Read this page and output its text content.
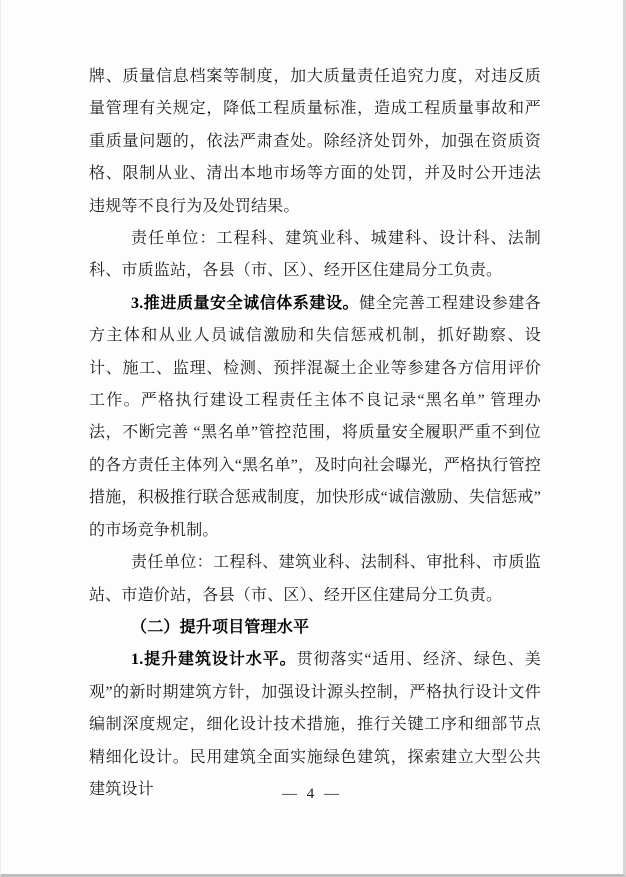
牌、质量信息档案等制度，加大质量责任追究力度，对违反质量管理有关规定，降低工程质量标准，造成工程质量事故和严重质量问题的，依法严肃查处。除经济处罚外，加强在资质资格、限制从业、清出本地市场等方面的处罚，并及时公开违法违规等不良行为及处罚结果。

责任单位：工程科、建筑业科、城建科、设计科、法制科、市质监站，各县（市、区）、经开区住建局分工负责。

3.推进质量安全诚信体系建设。健全完善工程建设参建各方主体和从业人员诚信激励和失信惩戒机制，抓好勘察、设计、施工、监理、检测、预拌混凝土企业等参建各方信用评价工作。严格执行建设工程责任主体不良记录“黑名单” 管理办法，不断完善 “黑名单”管控范围，将质量安全履职严重不到位的各方责任主体列入“黑名单”，及时向社会曝光，严格执行管控措施，积极推行联合惩戒制度，加快形成“诚信激励、失信惩戒”的市场竞争机制。

责任单位：工程科、建筑业科、法制科、审批科、市质监站、市造价站，各县（市、区）、经开区住建局分工负责。

（二）提升项目管理水平

1.提升建筑设计水平。贯彻落实“适用、经济、绿色、美观”的新时期建筑方针，加强设计源头控制，严格执行设计文件编制深度规定，细化设计技术措施，推行关键工序和细部节点精细化设计。民用建筑全面实施绿色建筑，探索建立大型公共建筑设计	— 4 —
